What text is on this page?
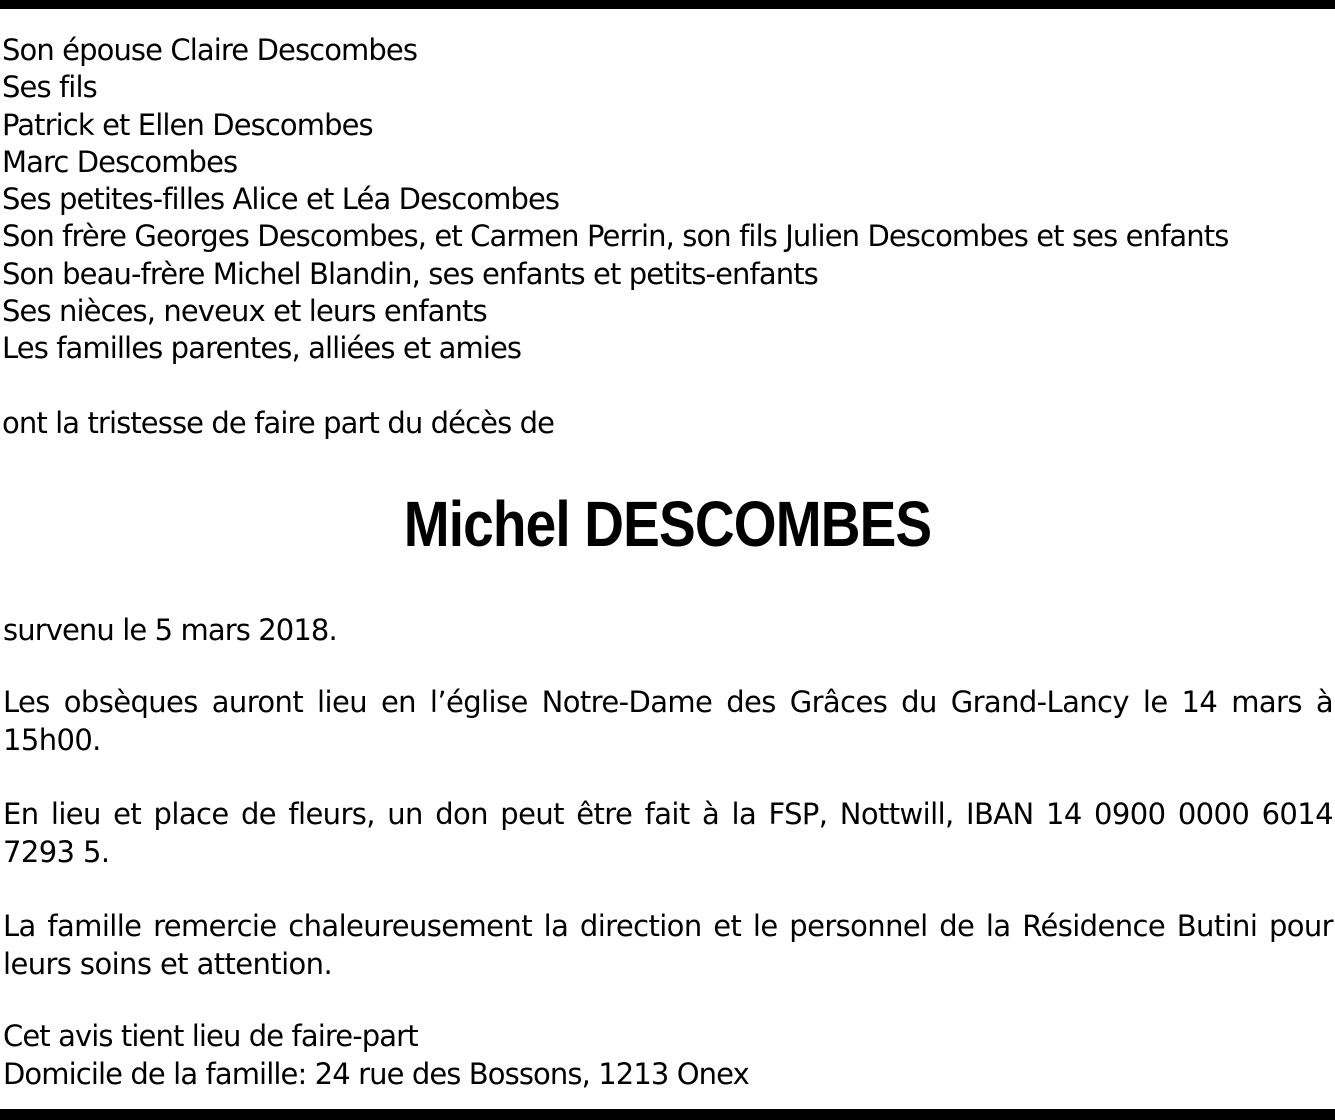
Son épouse Claire Descombes
Ses fils
Patrick et Ellen Descombes
Marc Descombes
Ses petites-filles Alice et Léa Descombes
Son frère Georges Descombes, et Carmen Perrin, son fils Julien Descombes et ses enfants
Son beau-frère Michel Blandin, ses enfants et petits-enfants
Ses nièces, neveux et leurs enfants
Les familles parentes, alliées et amies
ont la tristesse de faire part du décès de
Michel DESCOMBES
survenu le 5 mars 2018.
Les obsèques auront lieu en l’église Notre-Dame des Grâces du Grand-Lancy le 14 mars à 15h00.
En lieu et place de fleurs, un don peut être fait à la FSP, Nottwill, IBAN 14 0900 0000 6014 7293 5.
La famille remercie chaleureusement la direction et le personnel de la Résidence Butini pour leurs soins et attention.
Cet avis tient lieu de faire-part
Domicile de la famille: 24 rue des Bossons, 1213 Onex
